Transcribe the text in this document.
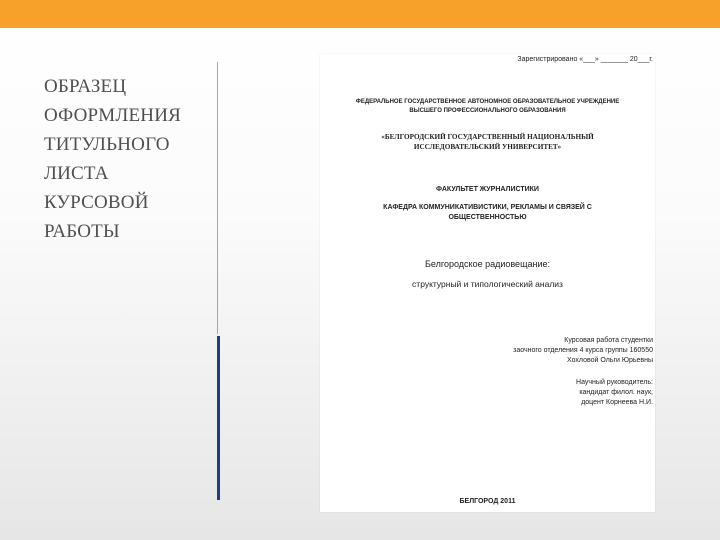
ОБРАЗЕЦ
ОФОРМЛЕНИЯ
ТИТУЛЬНОГО
ЛИСТА
КУРСОВОЙ
РАБОТЫ
Зарегистрировано «___» _______ 20___г.
ФЕДЕРАЛЬНОЕ ГОСУДАРСТВЕННОЕ АВТОНОМНОЕ ОБРАЗОВАТЕЛЬНОЕ УЧРЕЖДЕНИЕ
ВЫСШЕГО ПРОФЕССИОНАЛЬНОГО ОБРАЗОВАНИЯ
«БЕЛГОРОДСКИЙ ГОСУДАРСТВЕННЫЙ НАЦИОНАЛЬНЫЙ
ИССЛЕДОВАТЕЛЬСКИЙ УНИВЕРСИТЕТ»
ФАКУЛЬТЕТ ЖУРНАЛИСТИКИ
КАФЕДРА КОММУНИКАТИВИСТИКИ, РЕКЛАМЫ И СВЯЗЕЙ С
ОБЩЕСТВЕННОСТЬЮ
Белгородское радиовещание:
структурный и типологический анализ
Курсовая работа студентки
заочного отделения 4 курса группы 160550
Хохловой Ольги Юрьевны
Научный руководитель:
кандидат филол. наук,
доцент Корнеева Н.И.
БЕЛГОРОД 2011
